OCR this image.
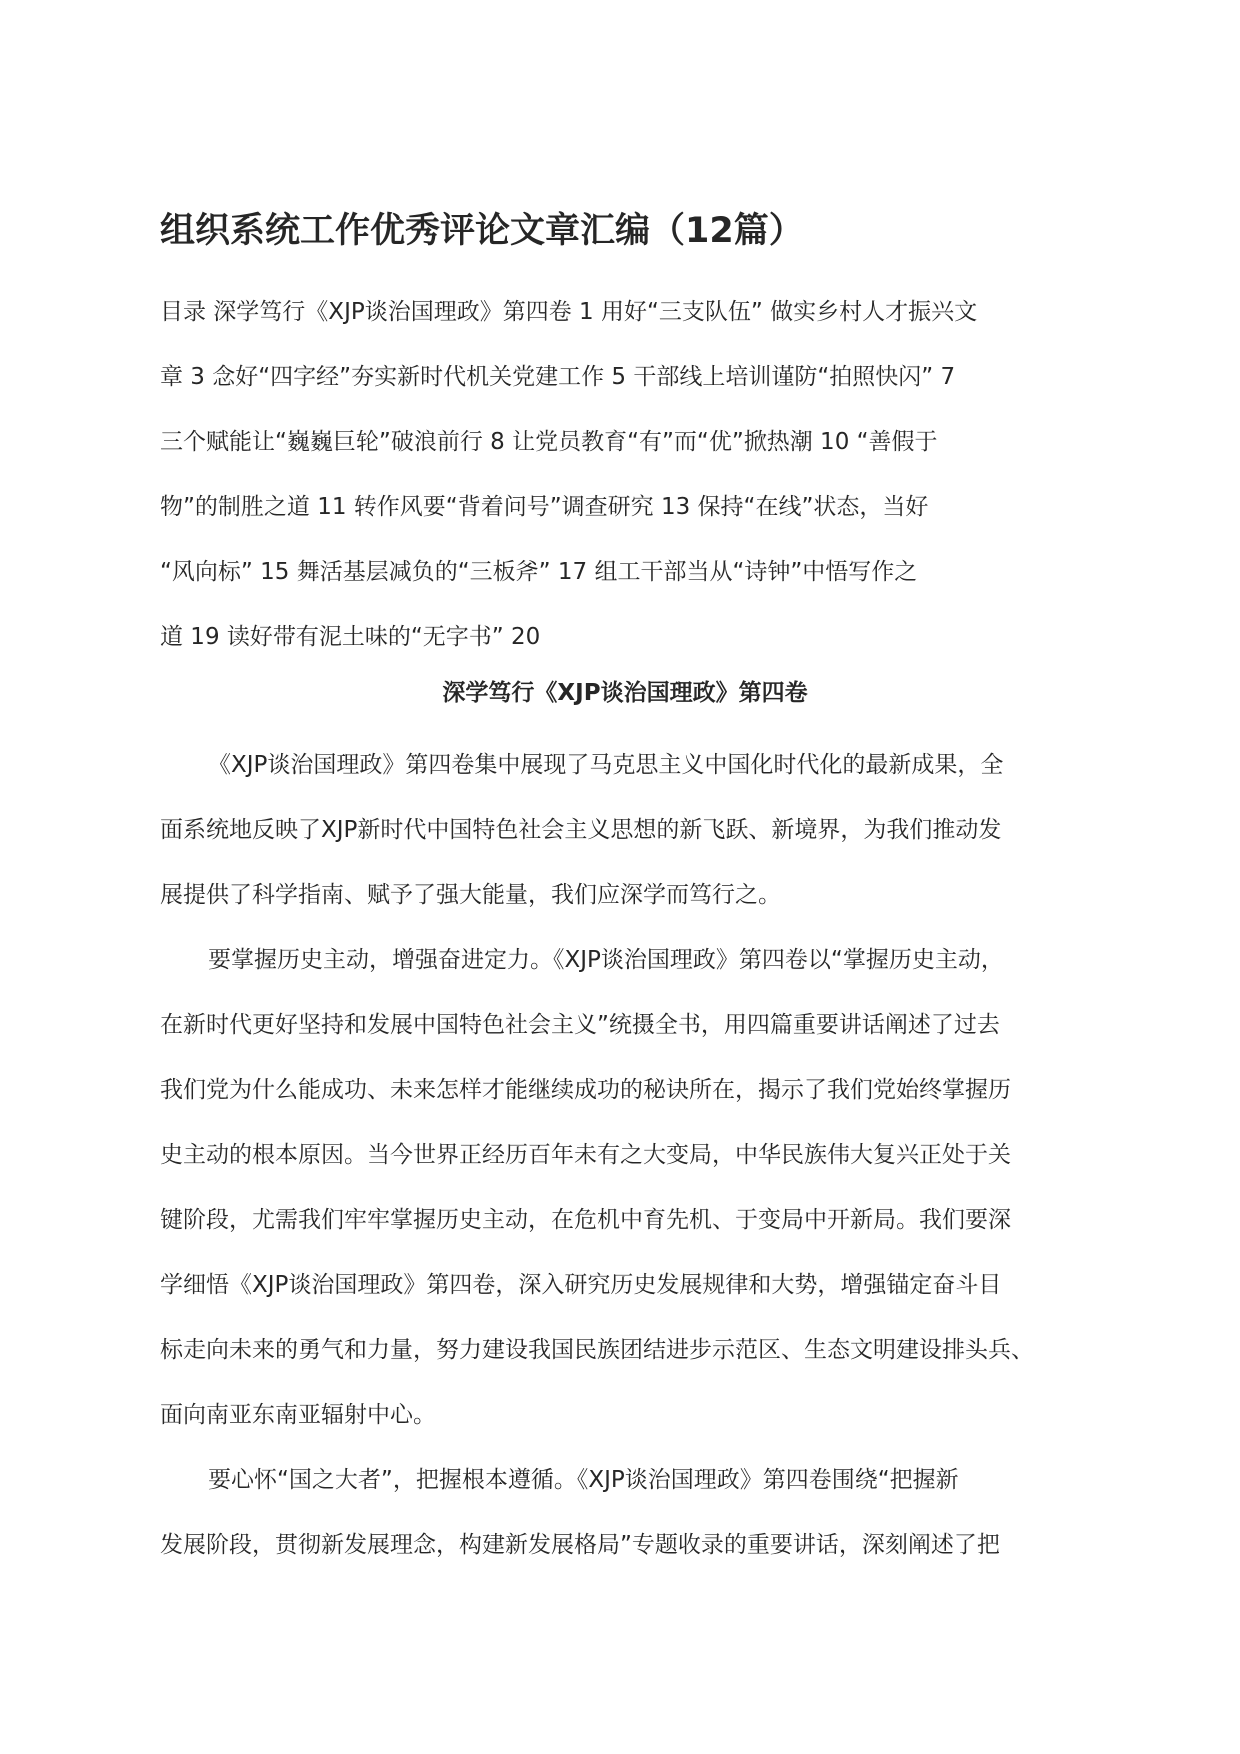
组织系统工作优秀评论文章汇编（12篇）
目录 深学笃行《XJP谈治国理政》第四卷 1 用好“三支队伍” 做实乡村人才振兴文
章 3 念好“四字经”夯实新时代机关党建工作 5 干部线上培训谨防“拍照快闪” 7
三个赋能让“巍巍巨轮”破浪前行 8 让党员教育“有”而“优”掀热潮 10 “善假于
物”的制胜之道 11 转作风要“背着问号”调查研究 13 保持“在线”状态，当好
“风向标” 15 舞活基层减负的“三板斧” 17 组工干部当从“诗钟”中悟写作之
道 19 读好带有泥土味的“无字书” 20
深学笃行《XJP谈治国理政》第四卷
《XJP谈治国理政》第四卷集中展现了马克思主义中国化时代化的最新成果，全
面系统地反映了XJP新时代中国特色社会主义思想的新飞跃、新境界，为我们推动发
展提供了科学指南、赋予了强大能量，我们应深学而笃行之。
要掌握历史主动，增强奋进定力。《XJP谈治国理政》第四卷以“掌握历史主动，
在新时代更好坚持和发展中国特色社会主义”统摄全书，用四篇重要讲话阐述了过去
我们党为什么能成功、未来怎样才能继续成功的秘诀所在，揭示了我们党始终掌握历
史主动的根本原因。当今世界正经历百年未有之大变局，中华民族伟大复兴正处于关
键阶段，尤需我们牢牢掌握历史主动，在危机中育先机、于变局中开新局。我们要深
学细悟《XJP谈治国理政》第四卷，深入研究历史发展规律和大势，增强锚定奋斗目
标走向未来的勇气和力量，努力建设我国民族团结进步示范区、生态文明建设排头兵、
面向南亚东南亚辐射中心。
要心怀“国之大者”，把握根本遵循。《XJP谈治国理政》第四卷围绕“把握新
发展阶段，贯彻新发展理念，构建新发展格局”专题收录的重要讲话，深刻阐述了把
